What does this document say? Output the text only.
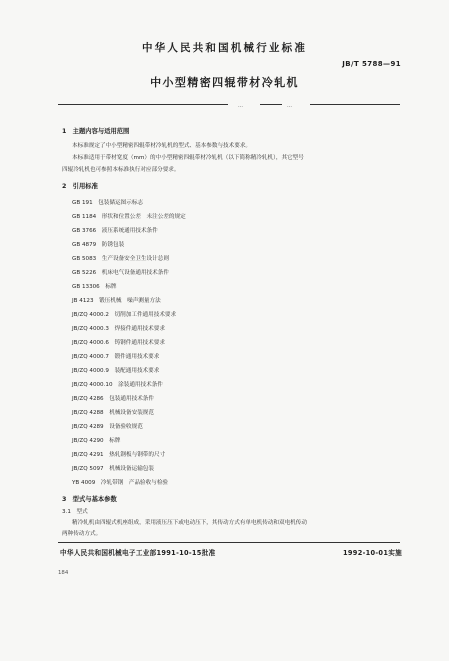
中华人民共和国机械行业标准
JB/T 5788—91
中小型精密四辊带材冷轧机
…	…
1　主题内容与适用范围
本标准规定了中小型精密四辊带材冷轧机的型式、基本参数与技术要求。
本标准适用于带材宽度（mm）的中小型精密四辊带材冷轧机（以下简称精冷轧机），其它型号
四辊冷轧机也可参照本标准执行对应部分要求。
2　引用标准
GB 191　 包装储运图示标志
GB 1184　 形状和位置公差　未注公差的规定
GB 3766　 液压系统通用技术条件
GB 4879　 防锈包装
GB 5083　 生产设备安全卫生设计总则
GB 5226　 机床电气设备通用技术条件
GB 13306　 标牌
JB 4123　 锻压机械　噪声测量方法
JB/ZQ 4000.2　 切削加工件通用技术要求
JB/ZQ 4000.3　 焊接件通用技术要求
JB/ZQ 4000.6　 铸钢件通用技术要求
JB/ZQ 4000.7　 锻件通用技术要求
JB/ZQ 4000.9　 装配通用技术要求
JB/ZQ 4000.10　 涂装通用技术条件
JB/ZQ 4286　 包装通用技术条件
JB/ZQ 4288　 机械设备安装规范
JB/ZQ 4289　 设备验收规范
JB/ZQ 4290　 标牌
JB/ZQ 4291　 热轧钢板与钢带的尺寸
JB/ZQ 5097　 机械设备运输包装
YB 4009　 冷轧带钢　产品验收与检验
3　型式与基本参数
3.1　型式
精冷轧机由四辊式机座组成，采用液压压下或电动压下，其传动方式有单电机传动和双电机传动
两种传动方式。
中华人民共和国机械电子工业部1991-10-15批准	1992-10-01实施
184
